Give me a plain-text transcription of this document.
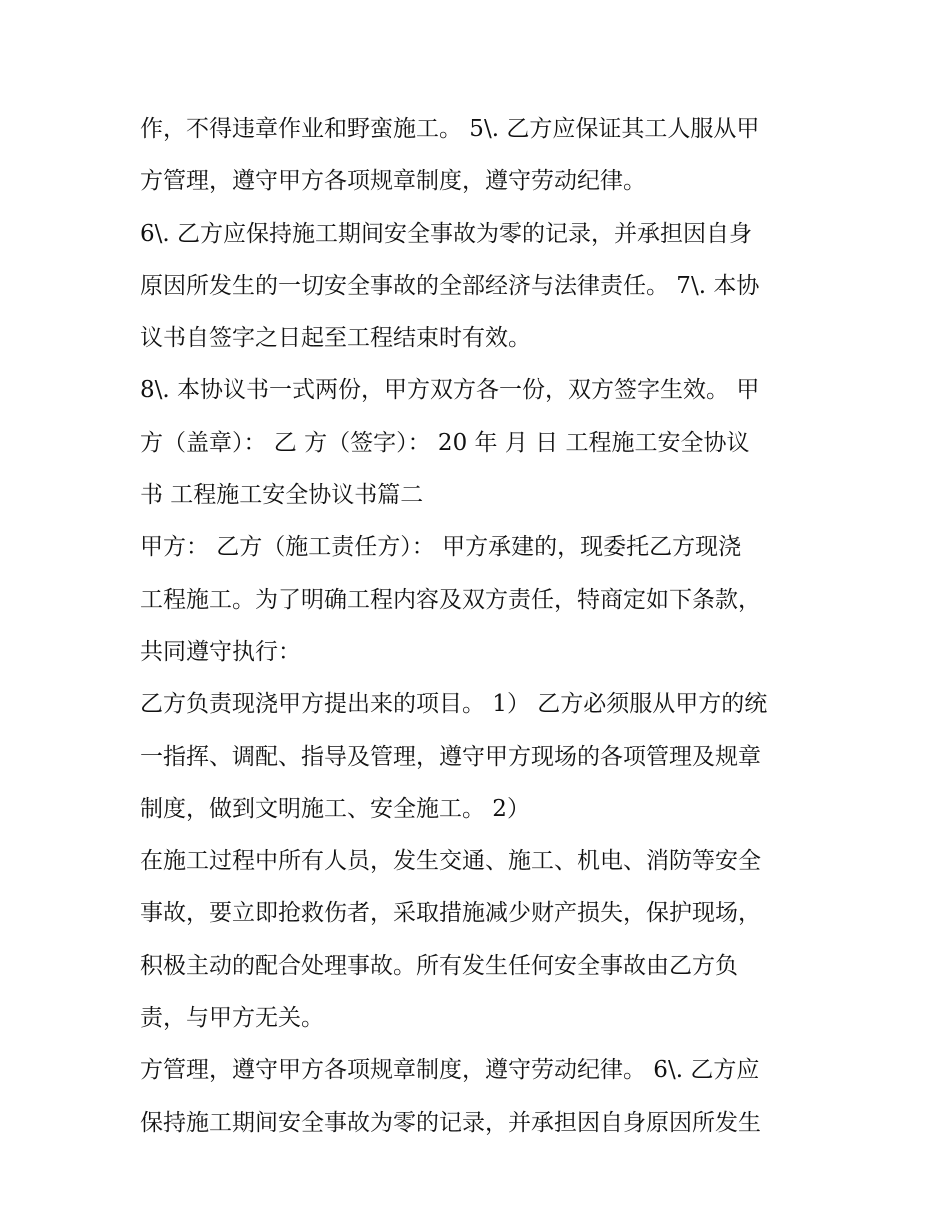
作，不得违章作业和野蛮施工。 5\. 乙方应保证其工人服从甲
方管理，遵守甲方各项规章制度，遵守劳动纪律。
6\. 乙方应保持施工期间安全事故为零的记录，并承担因自身
原因所发生的一切安全事故的全部经济与法律责任。 7\. 本协
议书自签字之日起至工程结束时有效。
8\. 本协议书一式两份，甲方双方各一份，双方签字生效。 甲
方（盖章）： 乙 方（签字）： 20 年 月 日 工程施工安全协议
书 工程施工安全协议书篇二
甲方： 乙方（施工责任方）： 甲方承建的，现委托乙方现浇
工程施工。为了明确工程内容及双方责任，特商定如下条款，
共同遵守执行：
乙方负责现浇甲方提出来的项目。 1） 乙方必须服从甲方的统
一指挥、调配、指导及管理，遵守甲方现场的各项管理及规章
制度，做到文明施工、安全施工。 2）
在施工过程中所有人员，发生交通、施工、机电、消防等安全
事故，要立即抢救伤者，采取措施减少财产损失，保护现场，
积极主动的配合处理事故。所有发生任何安全事故由乙方负
责，与甲方无关。
方管理，遵守甲方各项规章制度，遵守劳动纪律。 6\. 乙方应
保持施工期间安全事故为零的记录，并承担因自身原因所发生
